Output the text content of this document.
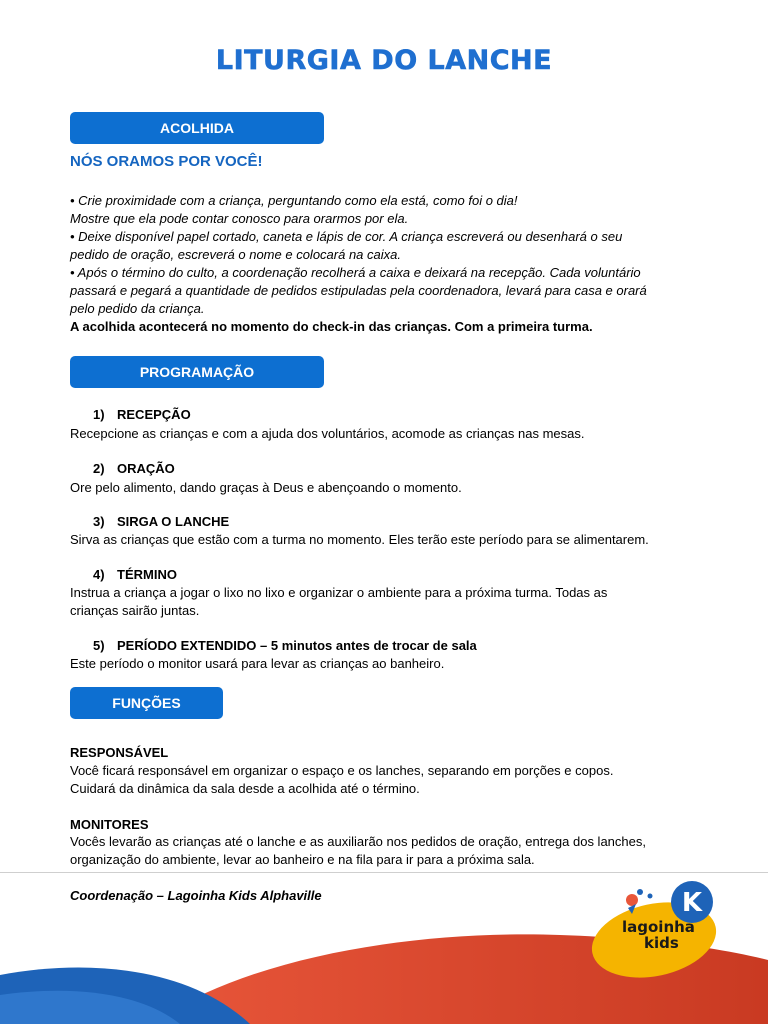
LITURGIA DO LANCHE
ACOLHIDA
NÓS ORAMOS POR VOCÊ!
• Crie proximidade com a criança, perguntando como ela está, como foi o dia!
Mostre que ela pode contar conosco para orarmos por ela.
• Deixe disponível papel cortado, caneta e lápis de cor. A criança escreverá ou desenhará o seu
pedido de oração, escreverá o nome e colocará na caixa.
• Após o término do culto, a coordenação recolherá a caixa e deixará na recepção. Cada voluntário
passará e pegará a quantidade de pedidos estipuladas pela coordenadora, levará para casa e orará
pelo pedido da criança.
A acolhida acontecerá no momento do check-in das crianças. Com a primeira turma.
PROGRAMAÇÃO
1) RECEPÇÃO
Recepcione as crianças e com a ajuda dos voluntários, acomode as crianças nas mesas.
2) ORAÇÃO
Ore pelo alimento, dando graças à Deus e abençoando o momento.
3) SIRGA O LANCHE
Sirva as crianças que estão com a turma no momento. Eles terão este período para se alimentarem.
4) TÉRMINO
Instrua a criança a jogar o lixo no lixo e organizar o ambiente para a próxima turma. Todas as
crianças sairão juntas.
5) PERÍODO EXTENDIDO – 5 minutos antes de trocar de sala
Este período o monitor usará para levar as crianças ao banheiro.
FUNÇÕES
RESPONSÁVEL
Você ficará responsável em organizar o espaço e os lanches, separando em porções e copos.
Cuidará da dinâmica da sala desde a acolhida até o término.
MONITORES
Vocês levarão as crianças até o lanche e as auxiliarão nos pedidos de oração, entrega dos lanches,
organização do ambiente, levar ao banheiro e na fila para ir para a próxima sala.
Coordenação – Lagoinha Kids Alphaville	K
lagoinha
kids
